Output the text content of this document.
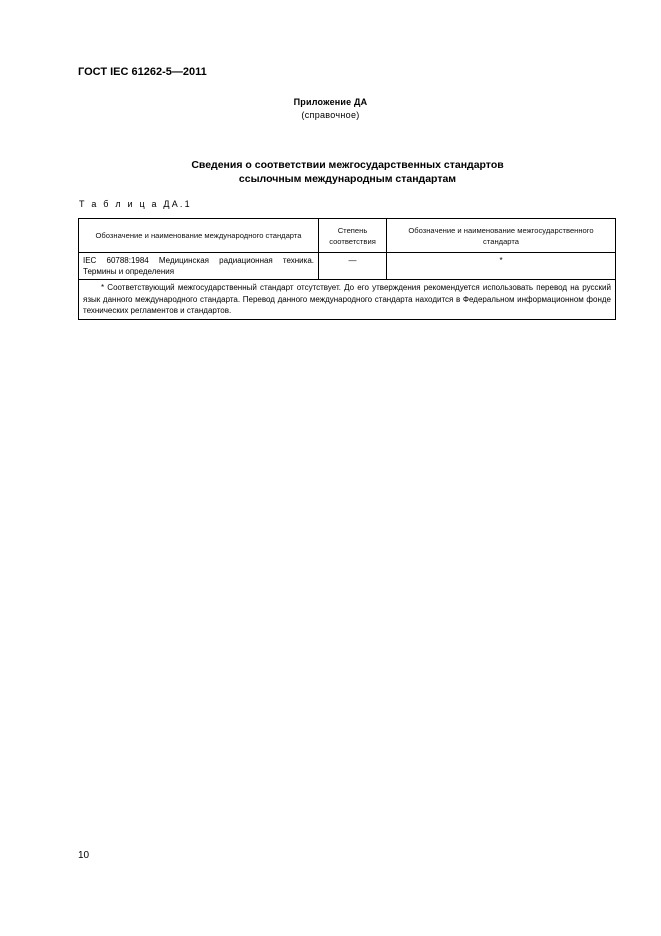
ГОСТ IEC 61262-5—2011
Приложение ДА
(справочное)
Сведения о соответствии межгосударственных стандартов
ссылочным международным стандартам
Т а б л и ц а ДА.1
Обозначение и наименование международного стандарта	Степень соответствия	Обозначение и наименование межгосударственного стандарта
IEC 60788:1984 Медицинская радиационная техника. Термины и определения	—	*
* Соответствующий межгосударственный стандарт отсутствует. До его утверждения рекомендуется использовать перевод на русский язык данного международного стандарта. Перевод данного международного стандарта находится в Федеральном информационном фонде технических регламентов и стандартов.		
10
